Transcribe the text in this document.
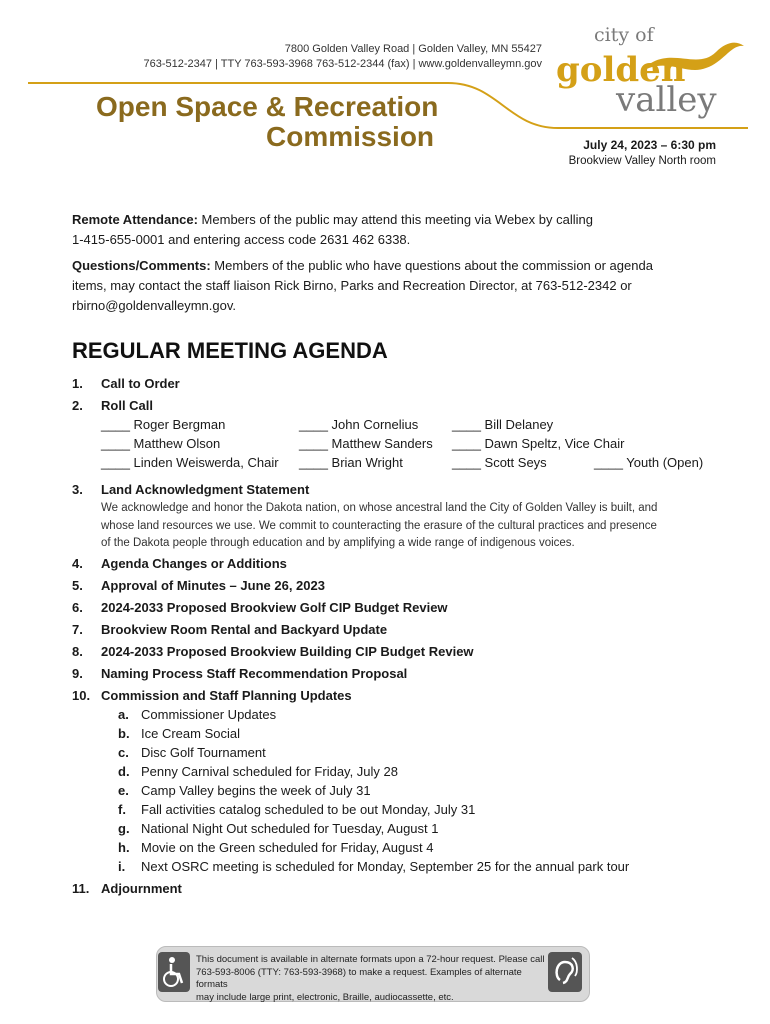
7800 Golden Valley Road | Golden Valley, MN 55427
763-512-2347 | TTY 763-593-3968 763-512-2344 (fax) | www.goldenvalleymn.gov
city of
golden
valley
Open Space & Recreation
Commission	July 24, 2023 – 6:30 pm
Brookview Valley North room
Remote Attendance: Members of the public may attend this meeting via Webex by calling
1-415-655-0001 and entering access code 2631 462 6338.
Questions/Comments: Members of the public who have questions about the commission or agenda
items, may contact the staff liaison Rick Birno, Parks and Recreation Director, at 763-512-2342 or
rbirno@goldenvalleymn.gov.
REGULAR MEETING AGENDA
1. Call to Order
2. Roll Call
____ Roger Bergman
____ Matthew Olson
____ Linden Weiswerda, Chair
____ John Cornelius
____ Matthew Sanders
____ Brian Wright
____ Bill Delaney
____ Dawn Speltz, Vice Chair
____ Scott Seys	____ Youth (Open)
3. Land Acknowledgment Statement
We acknowledge and honor the Dakota nation, on whose ancestral land the City of Golden Valley is built, and
whose land resources we use. We commit to counteracting the erasure of the cultural practices and presence
of the Dakota people through education and by amplifying a wide range of indigenous voices.
4. Agenda Changes or Additions
5. Approval of Minutes – June 26, 2023
6. 2024-2033 Proposed Brookview Golf CIP Budget Review
7. Brookview Room Rental and Backyard Update
8. 2024-2033 Proposed Brookview Building CIP Budget Review
9. Naming Process Staff Recommendation Proposal
10. Commission and Staff Planning Updates
a. Commissioner Updates
b. Ice Cream Social
c. Disc Golf Tournament
d. Penny Carnival scheduled for Friday, July 28
e. Camp Valley begins the week of July 31
f. Fall activities catalog scheduled to be out Monday, July 31
g. National Night Out scheduled for Tuesday, August 1
h. Movie on the Green scheduled for Friday, August 4
i. Next OSRC meeting is scheduled for Monday, September 25 for the annual park tour
11. Adjournment
This document is available in alternate formats upon a 72-hour request. Please call
763-593-8006 (TTY: 763-593-3968) to make a request. Examples of alternate formats
may include large print, electronic, Braille, audiocassette, etc.
